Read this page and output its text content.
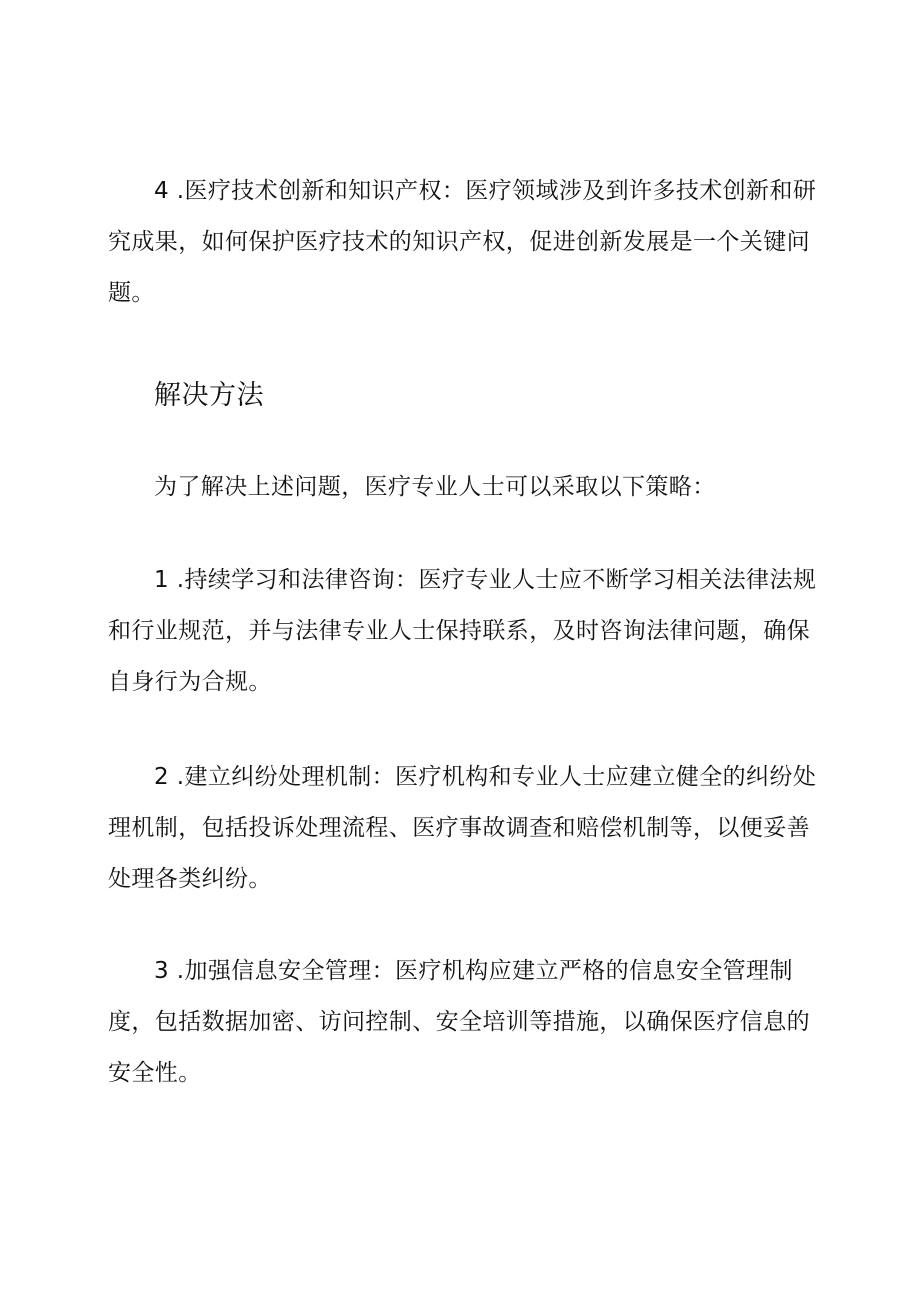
4 .医疗技术创新和知识产权：医疗领域涉及到许多技术创新和研究成果，如何保护医疗技术的知识产权，促进创新发展是一个关键问题。

解决方法

为了解决上述问题，医疗专业人士可以采取以下策略：

1 .持续学习和法律咨询：医疗专业人士应不断学习相关法律法规和行业规范，并与法律专业人士保持联系，及时咨询法律问题，确保自身行为合规。

2 .建立纠纷处理机制：医疗机构和专业人士应建立健全的纠纷处理机制，包括投诉处理流程、医疗事故调查和赔偿机制等，以便妥善处理各类纠纷。

3 .加强信息安全管理：医疗机构应建立严格的信息安全管理制度，包括数据加密、访问控制、安全培训等措施，以确保医疗信息的安全性。
